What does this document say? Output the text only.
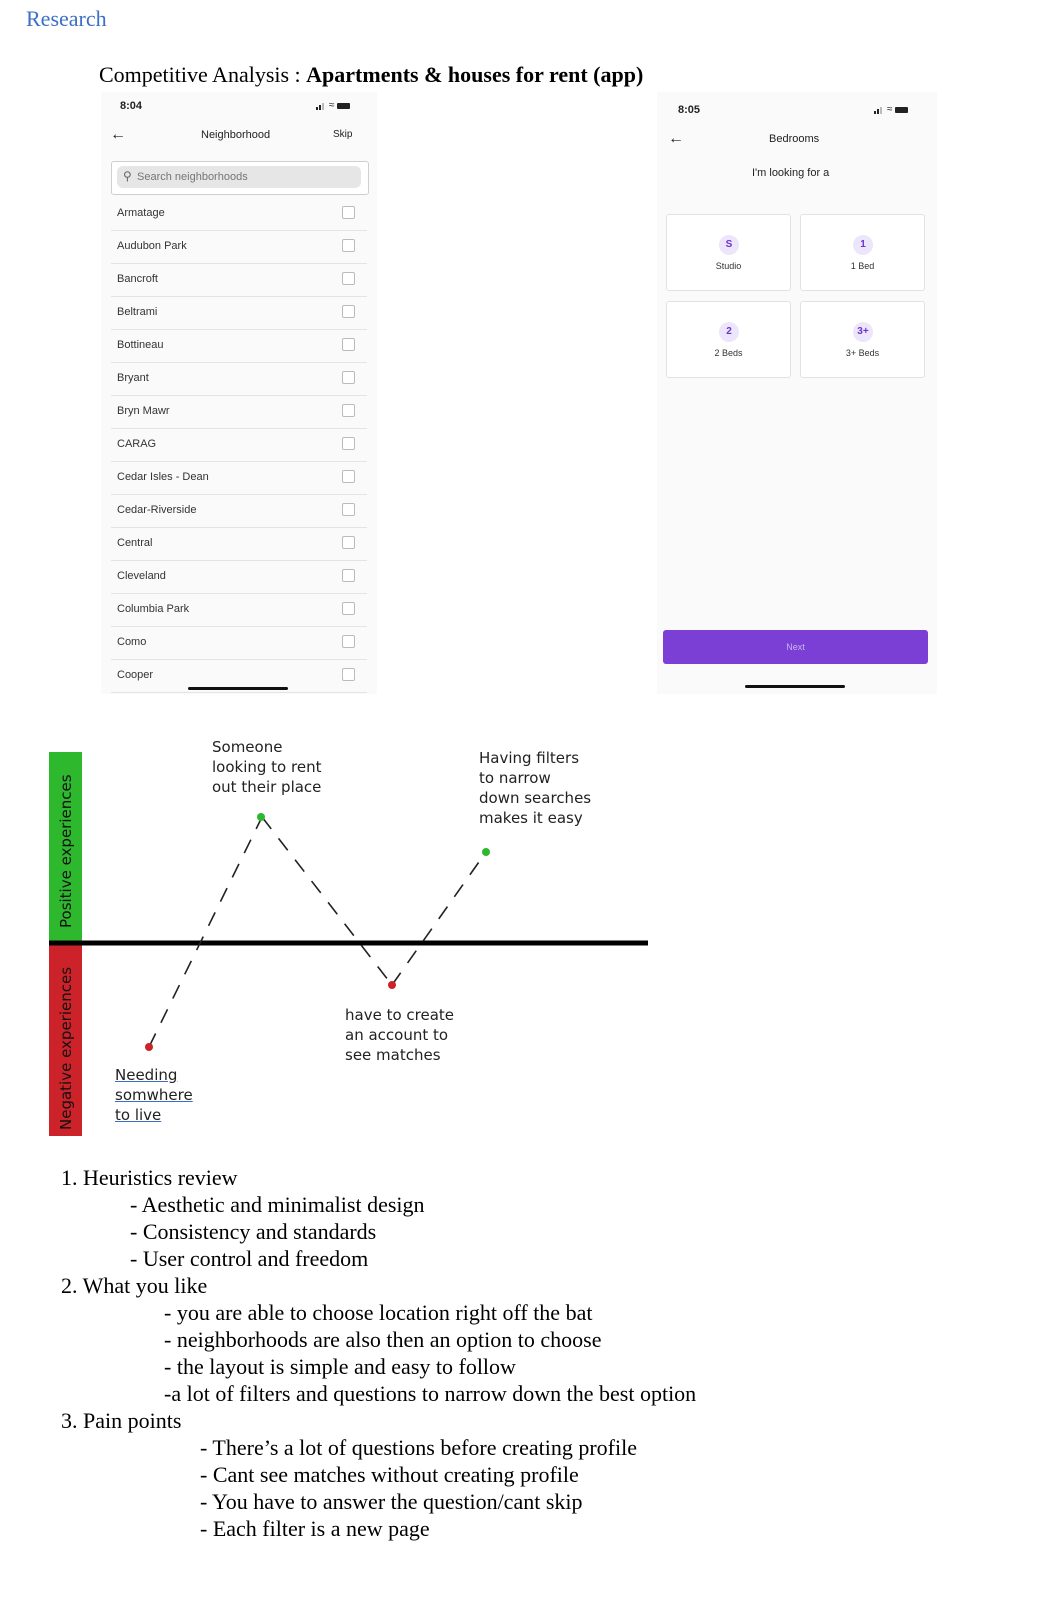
Research
Competitive Analysis : Apartments & houses for rent (app)
8:04	≈
←	Neighborhood	Skip
⚲
Search neighborhoods
Armatage
Audubon Park
Bancroft
Beltrami
Bottineau
Bryant
Bryn Mawr
CARAG
Cedar Isles - Dean
Cedar-Riverside
Central
Cleveland
Columbia Park
Como
Cooper
8:05	≈
←	Bedrooms
I'm looking for a
S
Studio
1
1 Bed
2
2 Beds
3+
3+ Beds
Next
Positive experiences
Negative experiences
Someone
looking to rent
out their place
Having filters
to narrow
down searches
makes it easy
have to create
an account to
see matches
Needing
somwhere
to live
1. Heuristics review
- Aesthetic and minimalist design
- Consistency and standards
- User control and freedom
2. What you like
- you are able to choose location right off the bat
- neighborhoods are also then an option to choose
- the layout is simple and easy to follow
-a lot of filters and questions to narrow down the best option
3. Pain points
- There’s a lot of questions before creating profile
- Cant see matches without creating profile
- You have to answer the question/cant skip
- Each filter is a new page
